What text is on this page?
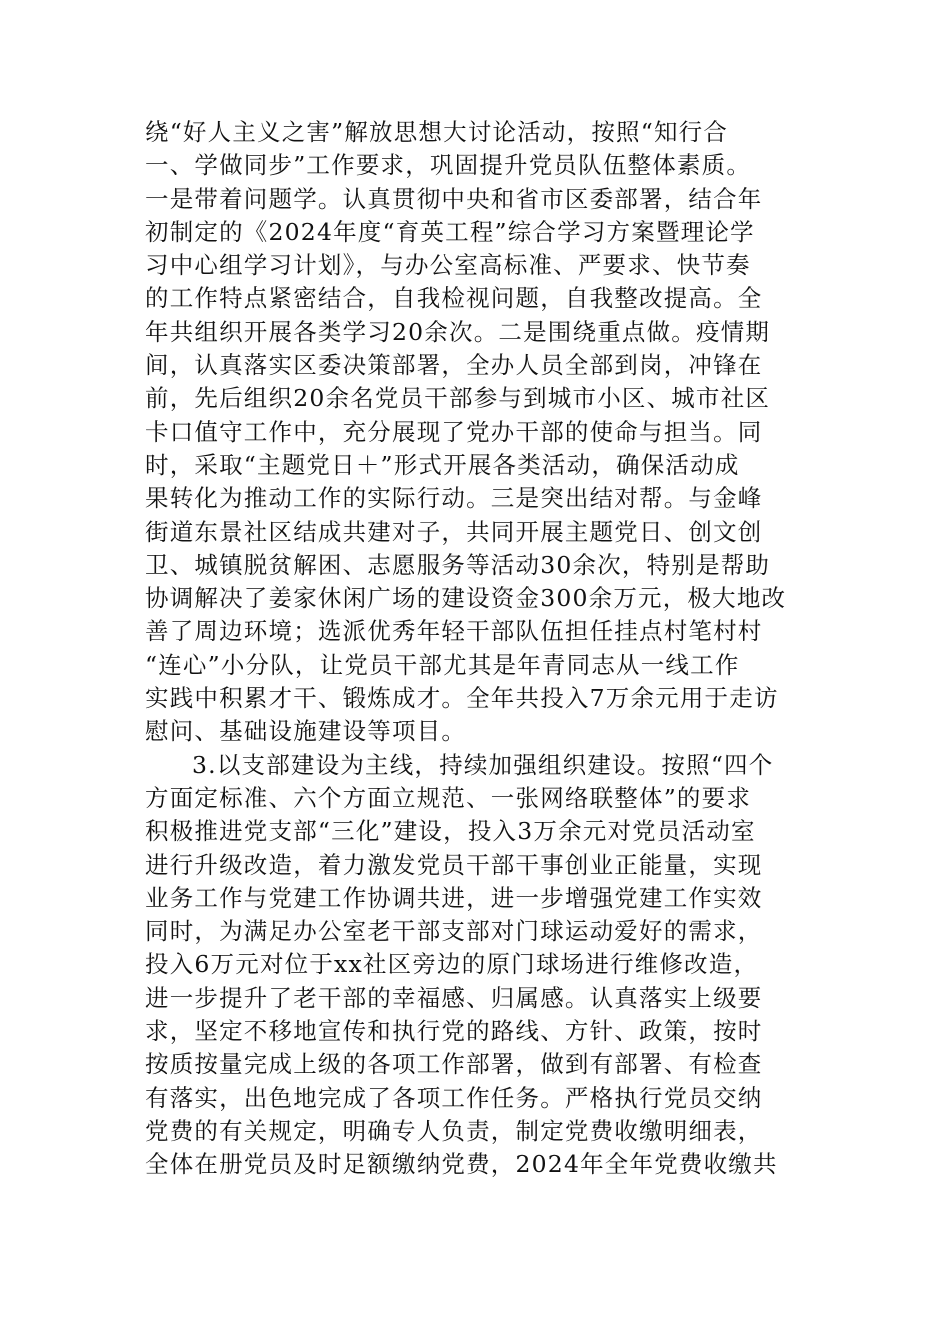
绕“好人主义之害”解放思想大讨论活动，按照“知行合
一、学做同步”工作要求，巩固提升党员队伍整体素质。
一是带着问题学。认真贯彻中央和省市区委部署，结合年
初制定的《2024年度“育英工程”综合学习方案暨理论学
习中心组学习计划》，与办公室高标准、严要求、快节奏
的工作特点紧密结合，自我检视问题，自我整改提高。全
年共组织开展各类学习20余次。二是围绕重点做。疫情期
间，认真落实区委决策部署，全办人员全部到岗，冲锋在
前，先后组织20余名党员干部参与到城市小区、城市社区
卡口值守工作中，充分展现了党办干部的使命与担当。同
时，采取“主题党日＋”形式开展各类活动，确保活动成
果转化为推动工作的实际行动。三是突出结对帮。与金峰
街道东景社区结成共建对子，共同开展主题党日、创文创
卫、城镇脱贫解困、志愿服务等活动30余次，特别是帮助
协调解决了姜家休闲广场的建设资金300余万元，极大地改
善了周边环境；选派优秀年轻干部队伍担任挂点村笔村村
“连心”小分队，让党员干部尤其是年青同志从一线工作
实践中积累才干、锻炼成才。全年共投入7万余元用于走访
慰问、基础设施建设等项目。
3.以支部建设为主线，持续加强组织建设。按照“四个
方面定标准、六个方面立规范、一张网络联整体”的要求
积极推进党支部“三化”建设，投入3万余元对党员活动室
进行升级改造，着力激发党员干部干事创业正能量，实现
业务工作与党建工作协调共进，进一步增强党建工作实效
同时，为满足办公室老干部支部对门球运动爱好的需求，
投入6万元对位于xx社区旁边的原门球场进行维修改造，
进一步提升了老干部的幸福感、归属感。认真落实上级要
求，坚定不移地宣传和执行党的路线、方针、政策，按时
按质按量完成上级的各项工作部署，做到有部署、有检查
有落实，出色地完成了各项工作任务。严格执行党员交纳
党费的有关规定，明确专人负责，制定党费收缴明细表，
全体在册党员及时足额缴纳党费，2024年全年党费收缴共
